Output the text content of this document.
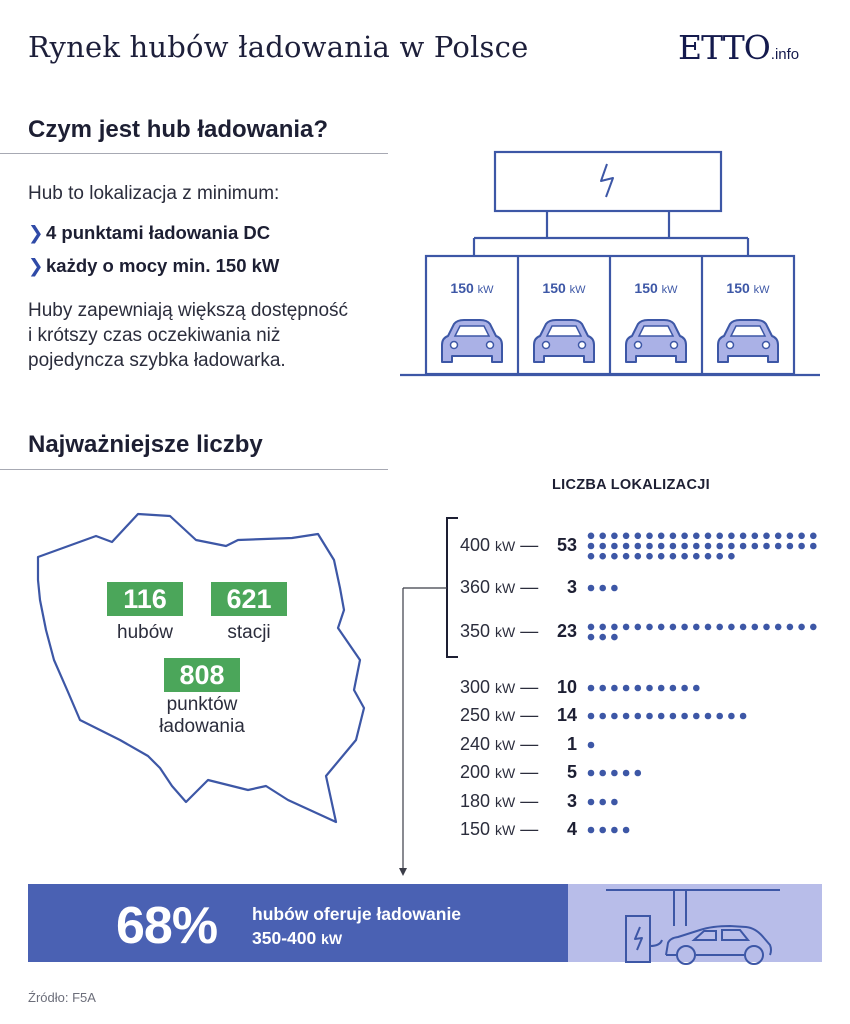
Rynek hubów ładowania w Polsce	ETTO.info
Czym jest hub ładowania?
Hub to lokalizacja z minimum:
❯ 4 punktami ładowania DC
❯ każdy o mocy min. 150 kW
Huby zapewniają większą dostępność
i krótszy czas oczekiwania niż
pojedyncza szybka ładowarka.
150 kW	150 kW	150 kW	150 kW
Najważniejsze liczby
116
hubów
621
stacji
808
punktów
ładowania
LICZBA LOKALIZACJI
400 kW —	53
360 kW —	3
350 kW —	23
300 kW —	10
250 kW —	14
240 kW —	1
200 kW —	5
180 kW —	3
150 kW —	4
68% hubów oferuje ładowanie
350-400 kW
Źródło: F5A
